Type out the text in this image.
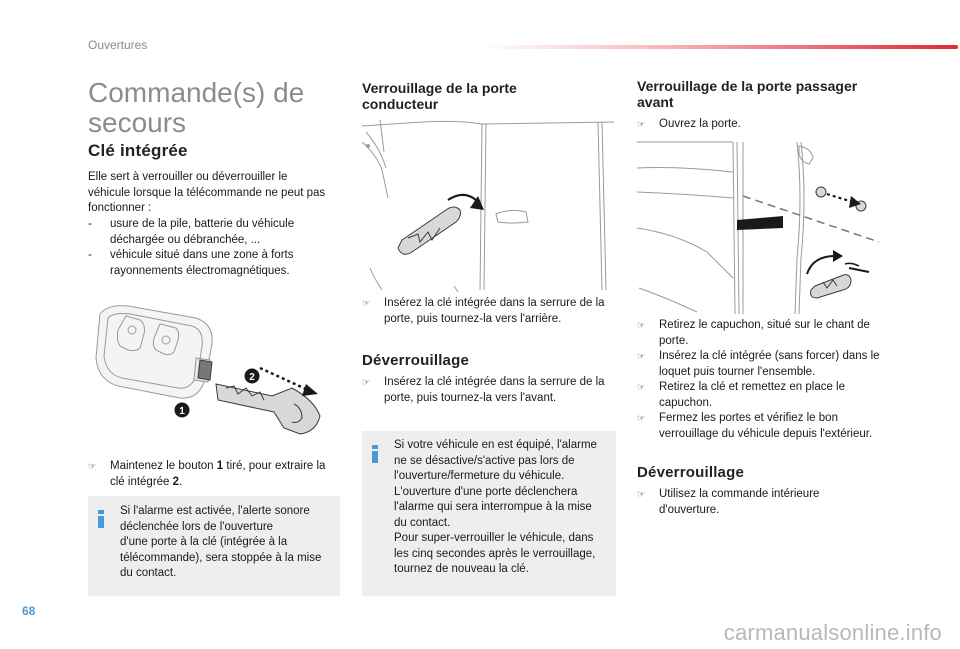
Ouvertures
Commande(s) de
secours
Clé intégrée
Elle sert à verrouiller ou déverrouiller le
véhicule lorsque la télécommande ne peut pas
fonctionner :
- usure de la pile, batterie du véhicule
déchargée ou débranchée, ...
- véhicule situé dans une zone à forts
rayonnements électromagnétiques.
2
1
☞ Maintenez le bouton 1 tiré, pour extraire la
clé intégrée 2.
Si l'alarme est activée, l'alerte sonore
déclenchée lors de l'ouverture
d'une porte à la clé (intégrée à la
télécommande), sera stoppée à la mise
du contact.
Verrouillage de la porte
conducteur
☞ Insérez la clé intégrée dans la serrure de la
porte, puis tournez-la vers l'arrière.
Déverrouillage
☞ Insérez la clé intégrée dans la serrure de la
porte, puis tournez-la vers l'avant.
Si votre véhicule en est équipé, l'alarme
ne se désactive/s'active pas lors de
l'ouverture/fermeture du véhicule.
L'ouverture d'une porte déclenchera
l'alarme qui sera interrompue à la mise
du contact.
Pour super-verrouiller le véhicule, dans
les cinq secondes après le verrouillage,
tournez de nouveau la clé.
Verrouillage de la porte passager
avant
☞ Ouvrez la porte.
☞ Retirez le capuchon, situé sur le chant de
porte.
☞ Insérez la clé intégrée (sans forcer) dans le
loquet puis tourner l'ensemble.
☞ Retirez la clé et remettez en place le
capuchon.
☞ Fermez les portes et vérifiez le bon
verrouillage du véhicule depuis l'extérieur.
Déverrouillage
☞ Utilisez la commande intérieure
d'ouverture.
68
carmanualsonline.info
